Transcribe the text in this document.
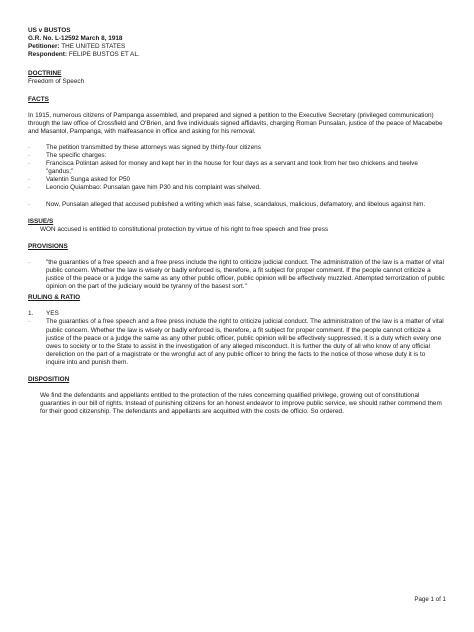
US v BUSTOS
G.R. No. L-12592 March 8, 1918
Petitioner: THE UNITED STATES
Respondent: FELIPE BUSTOS ET AL.
DOCTRINE

Freedom of Speech

FACTS

In 1915, numerous citizens of Pampanga assembled, and prepared and signed a petition to the Executive Secretary (privileged communication) through the law office of Crossfield and O'Brien, and five individuals signed affidavits, charging Roman Punsalan, justice of the peace of Macabebe and Masantol, Pampanga, with malfeasance in office and asking for his removal.

· The petition transmitted by these attorneys was signed by thirty-four citizens
· The specific charges:
· Francisca Polintan asked for money and kept her in the house for four days as a servant and took from her two chickens and twelve "gandus;"
· Valentin Sunga asked for P50
· Leoncio Quiambao: Punsalan gave him P30 and his complaint was shelved.
· Now, Punsalan alleged that accused published a writing which was false, scandalous, malicious, defamatory, and libelous against him.
ISSUE/S

WON accused is entitled to constitutional protection by virtue of his right to free speech and free press

PROVISIONS
· "the guaranties of a free speech and a free press include the right to criticize judicial conduct. The administration of the law is a matter of vital public concern. Whether the law is wisely or badly enforced is, therefore, a fit subject for proper comment. If the people cannot criticize a justice of the peace or a judge the same as any other public officer, public opinion will be effectively muzzled. Attempted terrorization of public opinion on the part of the judiciary would be tyranny of the basest sort."
RULING & RATIO
1. YES
· The guaranties of a free speech and a free press include the right to criticize judicial conduct. The administration of the law is a matter of vital public concern. Whether the law is wisely or badly enforced is, therefore, a fit subject for proper comment. If the people cannot criticize a justice of the peace or a judge the same as any other public officer, public opinion will be effectively suppressed. It is a duty which every one owes to society or to the State to assist in the investigation of any alleged misconduct. It is further the duty of all who know of any official dereliction on the part of a magistrate or the wrongful act of any public officer to bring the facts to the notice of those whose duty it is to inquire into and punish them.
DISPOSITION

We find the defendants and appellants entitled to the protection of the rules concerning qualified privilege, growing out of constitutional guaranties in our bill of rights. Instead of punishing citizens for an honest endeavor to improve public service, we should rather commend them for their good citizenship. The defendants and appellants are acquitted with the costs de officio. So ordered.

Page 1 of 1
